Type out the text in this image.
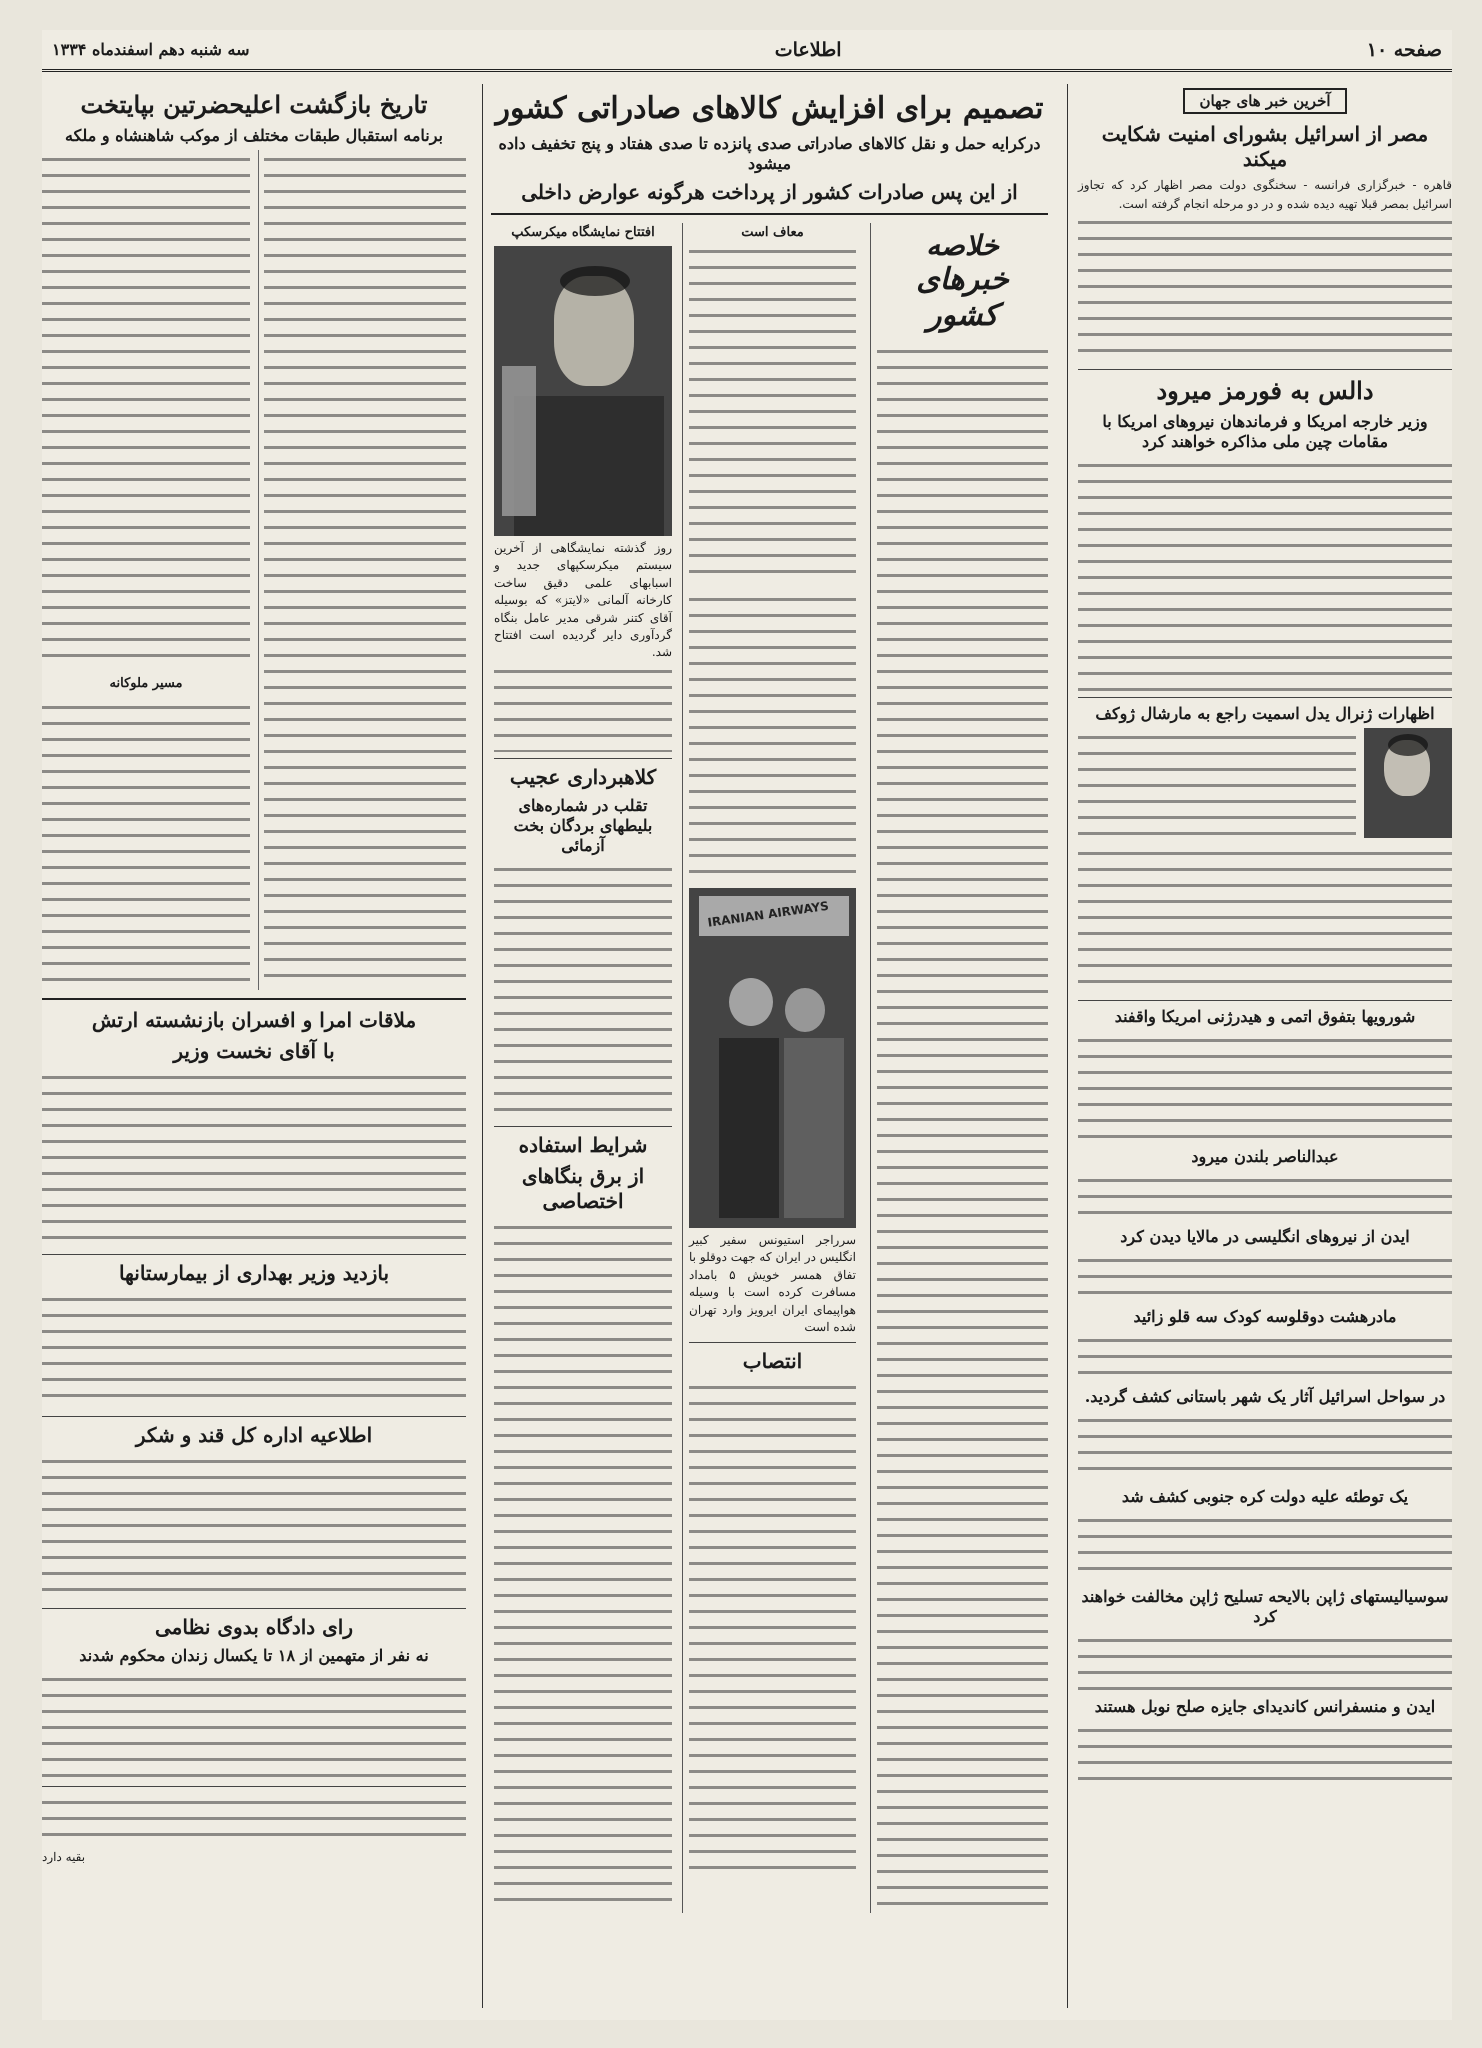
صفحه ۱۰
اطلاعات
سه شنبه دهم اسفندماه ۱۳۳۴
آخرین خبر های جهان
مصر از اسرائیل بشورای امنیت شکایت میکند
قاهره - خبرگزاری فرانسه - سخنگوی دولت مصر اظهار کرد که تجاوز اسرائیل بمصر قبلا تهیه دیده شده و در دو مرحله انجام گرفته است.
دالس به فورمز میرود
وزیر خارجه امریکا و فرماندهان نیروهای امریکا با مقامات چین ملی مذاکره خواهند کرد
اظهارات ژنرال یدل اسمیت راجع به مارشال ژوکف
شورویها بتفوق اتمی و هیدرژنی امریکا واقفند
عبدالناصر بلندن میرود
ایدن از نیروهای انگلیسی در مالایا دیدن کرد
مادرهشت دوقلوسه کودک سه قلو زائید
در سواحل اسرائیل آثار یک شهر باستانی کشف گردید.
یک توطئه علیه دولت کره جنوبی کشف شد
سوسیالیستهای ژاپن بالایحه تسلیح ژاپن مخالفت خواهند کرد
ایدن و منسفرانس کاندیدای جایزه صلح نوبل هستند
تصمیم برای افزایش کالاهای صادراتی کشور
درکرایه حمل و نقل کالاهای صادراتی صدی پانزده تا صدی هفتاد و پنج تخفیف داده میشود
از این پس صادرات کشور از پرداخت هرگونه عوارض داخلی
خلاصه
خبرهای کشور
معاف است
IRANIAN AIRWAYS
سرراجر استیونس سفیر کبیر انگلیس در ایران که جهت دوقلو با تفاق همسر خویش ۵ بامداد مسافرت کرده است با وسیله هواپیمای ایران ایرویز وارد تهران شده است
انتصاب
افتتاح نمایشگاه میکرسکپ
روز گذشته نمایشگاهی از آخرین سیستم میکرسکپهای جدید و اسبابهای علمی دقیق ساخت کارخانه آلمانی «لایتز» که بوسیله آقای کتنر شرقی مدیر عامل بنگاه گردآوری دایر گردیده است افتتاح شد.
کلاهبرداری عجیب
تقلب در شماره‌های بلیطهای بردگان بخت آزمائی
شرایط استفاده
از برق بنگاهای اختصاصی
تاریخ بازگشت اعلیحضرتین بپایتخت
برنامه استقبال طبقات مختلف از موکب شاهنشاه و ملکه
مسیر ملوکانه
ملاقات امرا و افسران بازنشسته ارتش
با آقای نخست وزیر
بازدید وزیر بهداری از بیمارستانها
اطلاعیه اداره کل قند و شکر
رای دادگاه بدوی نظامی
نه نفر از متهمین از ۱۸ تا یکسال زندان محکوم شدند
بقیه دارد
